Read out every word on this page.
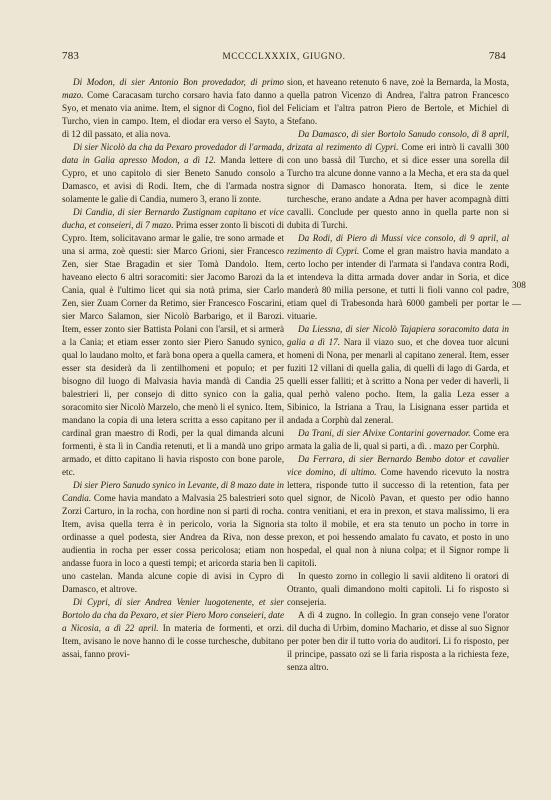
783	MCCCCLXXXIX, GIUGNO.	784

Di Modon, di sier Antonio Bon provedador, di primo mazo. Come Caracasam turcho corsaro havia fato danno a Syo, et menato via anime. Item, el signor di Cogno, fiol del Turcho, vien in campo. Item, el diodar era verso el Sayto, a dì 12 dil passato, et alia nova.

Di sier Nicolò da cha da Pexaro provedador di l'armada, data in Galia apresso Modon, a dì 12. Manda lettere di Cypro, et uno capitolo di sier Beneto Sanudo consolo a Damasco, et avisi di Rodi. Item, che di l'armada nostra solamente le galie di Candia, numero 3, erano lì zonte.

Di Candia, di sier Bernardo Zustignam capitano et vice ducha, et conseieri, di 7 mazo. Prima esser zonto lì biscoti di Cypro. Item, solicitavano armar le galie, tre sono armade et una si arma, zoè questi: sier Marco Grioni, sier Francesco Zen, sier Stae Bragadin et sier Tomà Dandolo. Item, haveano electo 6 altri soracomiti: sier Jacomo Barozi da la Cania, qual è l'ultimo licet qui sia notà prima, sier Carlo Zen, sier Zuam Corner da Retimo, sier Francesco Foscarini, sier Marco Salamon, sier Nicolò Barbarigo, et il Barozi. Item, esser zonto sier Battista Polani con l'arsil, et si armerà a la Cania; et etiam esser zonto sier Piero Sanudo synico, qual lo laudano molto, et farà bona opera a quella camera, et esser sta desiderà da li zentilhomeni et populo; et per bisogno dil luogo di Malvasia havia mandà di Candia 25 balestrieri li, per consejo di ditto synico con la galia, soracomito sier Nicolò Marzelo, che menò li el synico. Item, mandano la copia di una letera scritta a esso capitano per il cardinal gran maestro di Rodi, per la qual dimanda alcuni formenti, è sta lì in Candia retenuti, et li a mandà uno gripo armado, et ditto capitano li havia risposto con bone parole, etc.

Di sier Piero Sanudo synico in Levante, di 8 mazo date in Candia. Come havia mandato a Malvasia 25 balestrieri soto Zorzi Carturo, in la rocha, con hordine non si parti di rocha. Item, avisa quella terra è in pericolo, voria la Signoria ordinasse a quel podesta, sier Andrea da Riva, non desse audientia in rocha per esser cossa pericolosa; etiam non andasse fuora in loco a questi tempi; et aricorda staria ben lì uno castelan. Manda alcune copie di avisi in Cypro di Damasco, et altrove.

Di Cypri, di sier Andrea Venier luogotenente, et sier Bortolo da cha da Pexaro, et sier Piero Moro conseieri, date a Nicosia, a dì 22 april. In materia de formenti, et orzi. Item, avisano le nove hanno di le cosse turchesche, dubitano assai, fanno provi-

sion, et haveano retenuto 6 nave, zoè la Bernarda, la Mosta, quella patron Vicenzo di Andrea, l'altra patron Francesco Feliciam et l'altra patron Piero de Bertole, et Michiel di Stefano.

Da Damasco, di sier Bortolo Sanudo consolo, di 8 april, drizata al rezimento di Cypri. Come eri intrò li cavalli 300 con uno bassà dil Turcho, et si dice esser una sorella dil Turcho tra alcune donne vanno a la Mecha, et era sta da quel signor di Damasco honorata. Item, si dice le zente turchesche, erano andate a Adna per haver acompagnà ditti cavalli. Conclude per questo anno in quella parte non si dubita di Turchi.

Da Rodi, di Piero di Mussi vice consolo, di 9 april, al rezimento di Cypri. Come el gran maistro havia mandato a certo locho per intender di l'armata si l'andava contra Rodi, et intendeva la ditta armada dover andar in Soria, et dice manderà 80 milia persone, et tutti li fioli vanno col padre, etiam quel di Trabesonda harà 6000 gambeli per portar le vituarie.

Da Liessna, di sier Nicolò Tajapiera soracomito data in galia a dì 17. Nara il viazo suo, et che dovea tuor alcuni homeni di Nona, per menarli al capitano zeneral. Item, esser fuziti 12 villani di quella galia, di quelli di lago di Garda, et quelli esser falliti; et à scritto a Nona per veder di haverli, li qual perhò valeno pocho. Item, la galia Leza esser a Sibinico, la Istriana a Trau, la Lisignana esser partida et andada a Corphù dal zeneral.

Da Trani, di sier Alvixe Contarini governador. Come era armata la galia de li, qual si parti, a dì. . mazo per Corphù.

Da Ferrara, di sier Bernardo Bembo dotor et cavalier vice domino, di ultimo. Come havendo ricevuto la nostra lettera, risponde tutto il successo di la retention, fata per quel signor, de Nicolò Pavan, et questo per odio hanno contra venitiani, et era in prexon, et stava malissimo, li era sta tolto il mobile, et era sta tenuto un pocho in torre in prexon, et poi hessendo amalato fu cavato, et posto in uno hospedal, el qual non à niuna colpa; et il Signor rompe li capitoli.

In questo zorno in collegio li savii alditeno li oratori di Otranto, quali dimandono molti capitoli. Li fo risposto si consejeria.

A dì 4 zugno. In collegio. In gran consejo vene l'orator dil ducha di Urbim, domino Machario, et disse al suo Signor per poter ben dir il tutto voria do auditori. Li fo risposto, per il principe, passato ozi se li faria risposta a la richiesta feze, senza altro.

308
—
